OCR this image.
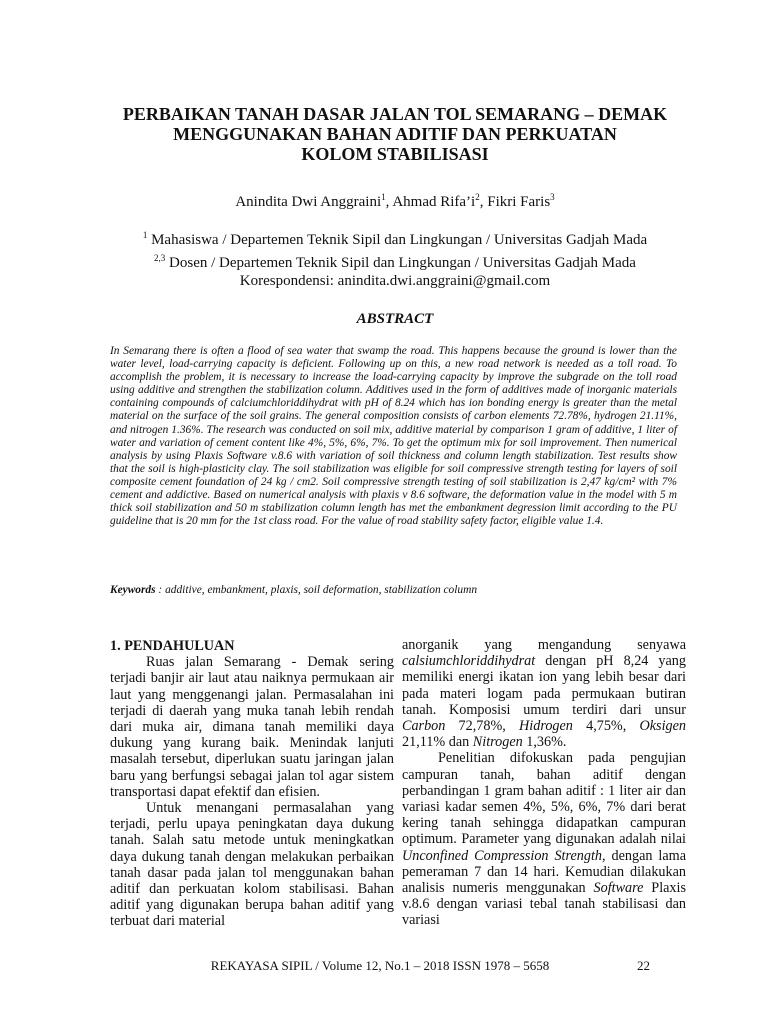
PERBAIKAN TANAH DASAR JALAN TOL SEMARANG – DEMAK
MENGGUNAKAN BAHAN ADITIF DAN PERKUATAN
KOLOM STABILISASI
Anindita Dwi Anggraini$^1$, Ahmad $Rifa’i^2$, Fikri Faris$^3$
$^1$ Mahasiswa / Departemen Teknik Sipil dan Lingkungan / Universitas Gadjah Mada
$^{2,3}$ Dosen / Departemen Teknik Sipil dan Lingkungan / Universitas Gadjah Mada
Korespondensi: anindita.dwi.anggraini@gmail.com
ABSTRACT

In Semarang there is often a flood of sea water that swamp the road. This happens because the ground is lower than the water level, load-carrying capacity is deficient. Following up on this, a new road network is needed as a toll road. To accomplish the problem, it is necessary to increase the load-carrying capacity by improve the subgrade on the toll road using additive and strengthen the stabilization column. Additives used in the form of additives made of inorganic materials containing compounds of calciumchloriddihydrat with pH of 8.24 which has ion bonding energy is greater than the metal material on the surface of the soil grains. The general composition consists of carbon elements 72.78%, hydrogen 21.11%, and nitrogen 1.36%. The research was conducted on soil mix, additive material by comparison 1 gram of additive, 1 liter of water and variation of cement content like 4%, 5%, 6%, 7%. To get the optimum mix for soil improvement. Then numerical analysis by using Plaxis Software v.8.6 with variation of soil thickness and column length stabilization. Test results show that the soil is high-plasticity clay. The soil stabilization was eligible for soil compressive strength testing for layers of soil composite cement foundation of 24 kg / cm2. Soil compressive strength testing of soil stabilization is 2,47 kg/cm² with 7% cement and addictive. Based on numerical analysis with plaxis v 8.6 software, the deformation value in the model with 5 m thick soil stabilization and 50 m stabilization column length has met the embankment degression limit according to the PU guideline that is 20 mm for the 1st class road. For the value of road stability safety factor, eligible value 1.4.

Keywords : additive, embankment, plaxis, soil deformation, stabilization column
1. PENDAHULUAN

Ruas jalan Semarang - Demak sering terjadi banjir air laut atau naiknya permukaan air laut yang menggenangi jalan. Permasalahan ini terjadi di daerah yang muka tanah lebih rendah dari muka air, dimana tanah memiliki daya dukung yang kurang baik. Menindak lanjuti masalah tersebut, diperlukan suatu jaringan jalan baru yang berfungsi sebagai jalan tol agar sistem transportasi dapat efektif dan efisien.

Untuk menangani permasalahan yang terjadi, perlu upaya peningkatan daya dukung tanah. Salah satu metode untuk meningkatkan daya dukung tanah dengan melakukan perbaikan tanah dasar pada jalan tol menggunakan bahan aditif dan perkuatan kolom stabilisasi. Bahan aditif yang digunakan berupa bahan aditif yang terbuat dari material

anorganik yang mengandung senyawa calsiumchloriddihydrat dengan pH 8,24 yang memiliki energi ikatan ion yang lebih besar dari pada materi logam pada permukaan butiran tanah. Komposisi umum terdiri dari unsur Carbon 72,78%, Hidrogen 4,75%, Oksigen 21,11% dan Nitrogen 1,36%.

Penelitian difokuskan pada pengujian campuran tanah, bahan aditif dengan perbandingan 1 gram bahan aditif : 1 liter air dan variasi kadar semen 4%, 5%, 6%, 7% dari berat kering tanah sehingga didapatkan campuran optimum. Parameter yang digunakan adalah nilai Unconfined Compression Strength, dengan lama pemeraman 7 dan 14 hari. Kemudian dilakukan analisis numeris menggunakan Software Plaxis v.8.6 dengan variasi tebal tanah stabilisasi dan variasi

REKAYASA SIPIL / Volume 12, No.1 – 2018 ISSN 1978 – 5658	22
